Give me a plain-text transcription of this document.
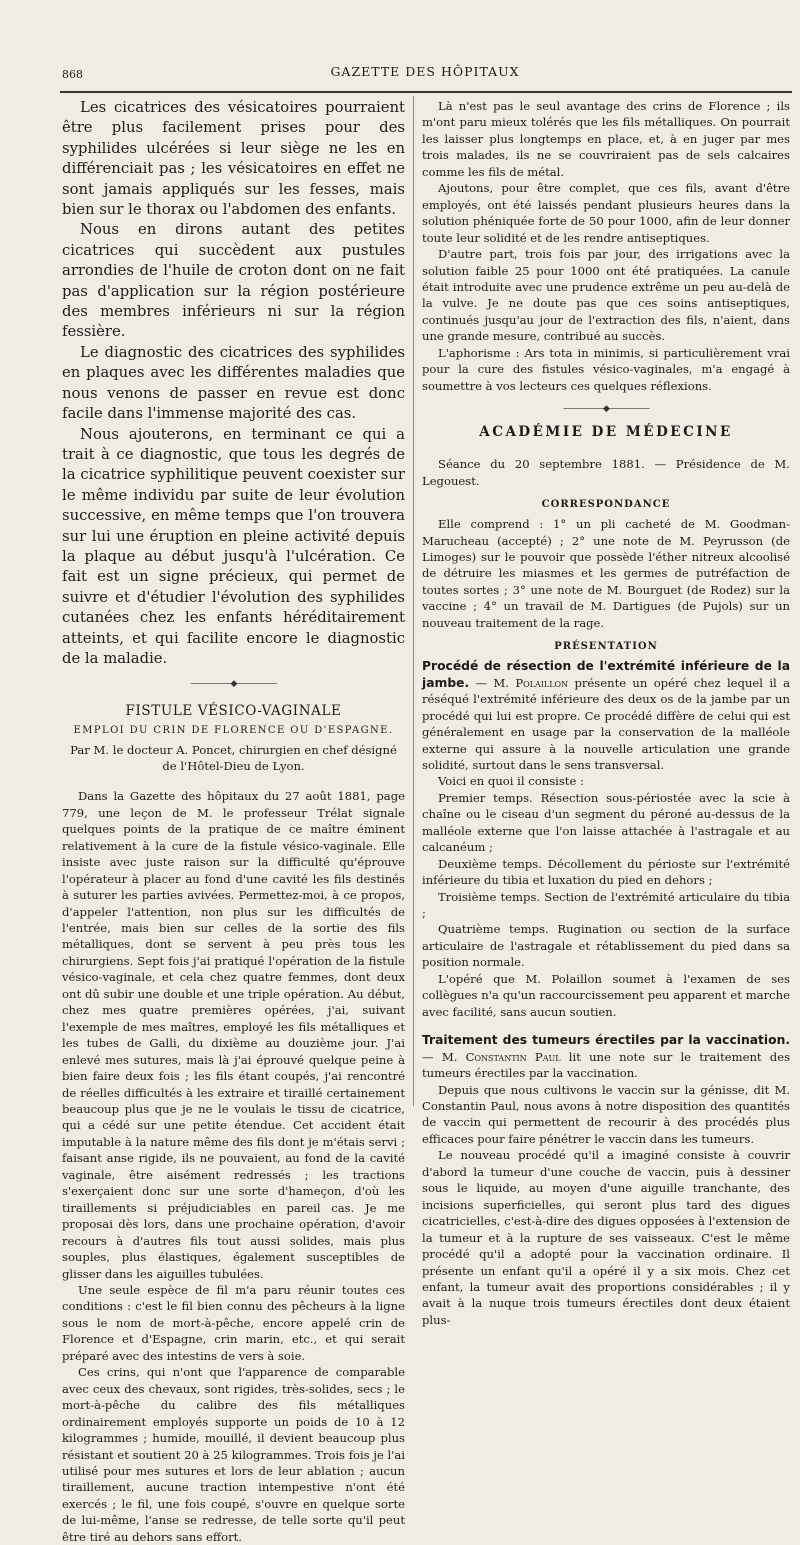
868	GAZETTE DES HÔPITAUX

Les cicatrices des vésicatoires pourraient être plus facilement prises pour des syphilides ulcérées si leur siège ne les en différenciait pas ; les vésicatoires en effet ne sont jamais appliqués sur les fesses, mais bien sur le thorax ou l'abdomen des enfants.

Nous en dirons autant des petites cicatrices qui succèdent aux pustules arrondies de l'huile de croton dont on ne fait pas d'application sur la région postérieure des membres inférieurs ni sur la région fessière.

Le diagnostic des cicatrices des syphilides en plaques avec les différentes maladies que nous venons de passer en revue est donc facile dans l'immense majorité des cas.

Nous ajouterons, en terminant ce qui a trait à ce diagnostic, que tous les degrés de la cicatrice syphilitique peuvent coexister sur le même individu par suite de leur évolution successive, en même temps que l'on trouvera sur lui une éruption en pleine activité depuis la plaque au début jusqu'à l'ulcération. Ce fait est un signe précieux, qui permet de suivre et d'étudier l'évolution des syphilides cutanées chez les enfants héréditairement atteints, et qui facilite encore le diagnostic de la maladie.

—————◆—————
FISTULE VÉSICO-VAGINALE
EMPLOI DU CRIN DE FLORENCE OU D'ESPAGNE.
Par M. le docteur A. Poncet, chirurgien en chef désigné de l'Hôtel-Dieu de Lyon.

Dans la Gazette des hôpitaux du 27 août 1881, page 779, une leçon de M. le professeur Trélat signale quelques points de la pratique de ce maître éminent relativement à la cure de la fistule vésico-vaginale. Elle insiste avec juste raison sur la difficulté qu'éprouve l'opérateur à placer au fond d'une cavité les fils destinés à suturer les parties avivées. Permettez-moi, à ce propos, d'appeler l'attention, non plus sur les difficultés de l'entrée, mais bien sur celles de la sortie des fils métalliques, dont se servent à peu près tous les chirurgiens. Sept fois j'ai pratiqué l'opération de la fistule vésico-vaginale, et cela chez quatre femmes, dont deux ont dû subir une double et une triple opération. Au début, chez mes quatre premières opérées, j'ai, suivant l'exemple de mes maîtres, employé les fils métalliques et les tubes de Galli, du dixième au douzième jour. J'ai enlevé mes sutures, mais là j'ai éprouvé quelque peine à bien faire deux fois ; les fils étant coupés, j'ai rencontré de réelles difficultés à les extraire et tiraillé certainement beaucoup plus que je ne le voulais le tissu de cicatrice, qui a cédé sur une petite étendue. Cet accident était imputable à la nature même des fils dont je m'étais servi ; faisant anse rigide, ils ne pouvaient, au fond de la cavité vaginale, être aisément redressés ; les tractions s'exerçaient donc sur une sorte d'hameçon, d'où les tiraillements si préjudiciables en pareil cas. Je me proposai dès lors, dans une prochaine opération, d'avoir recours à d'autres fils tout aussi solides, mais plus souples, plus élastiques, également susceptibles de glisser dans les aiguilles tubulées.

Une seule espèce de fil m'a paru réunir toutes ces conditions : c'est le fil bien connu des pêcheurs à la ligne sous le nom de mort-à-pêche, encore appelé crin de Florence et d'Espagne, crin marin, etc., et qui serait préparé avec des intestins de vers à soie.

Ces crins, qui n'ont que l'apparence de comparable avec ceux des chevaux, sont rigides, très-solides, secs ; le mort-à-pêche du calibre des fils métalliques ordinairement employés supporte un poids de 10 à 12 kilogrammes ; humide, mouillé, il devient beaucoup plus résistant et soutient 20 à 25 kilogrammes. Trois fois je l'ai utilisé pour mes sutures et lors de leur ablation ; aucun tiraillement, aucune traction intempestive n'ont été exercés ; le fil, une fois coupé, s'ouvre en quelque sorte de lui-même, l'anse se redresse, de telle sorte qu'il peut être tiré au dehors sans effort.

Là n'est pas le seul avantage des crins de Florence ; ils m'ont paru mieux tolérés que les fils métalliques. On pourrait les laisser plus longtemps en place, et, à en juger par mes trois malades, ils ne se couvriraient pas de sels calcaires comme les fils de métal.

Ajoutons, pour être complet, que ces fils, avant d'être employés, ont été laissés pendant plusieurs heures dans la solution phéniquée forte de 50 pour 1000, afin de leur donner toute leur solidité et de les rendre antiseptiques.

D'autre part, trois fois par jour, des irrigations avec la solution faible 25 pour 1000 ont été pratiquées. La canule était introduite avec une prudence extrême un peu au-delà de la vulve. Je ne doute pas que ces soins antiseptiques, continués jusqu'au jour de l'extraction des fils, n'aient, dans une grande mesure, contribué au succès.

L'aphorisme : Ars tota in minimis, si particulièrement vrai pour la cure des fistules vésico-vaginales, m'a engagé à soumettre à vos lecteurs ces quelques réflexions.

—————◆—————
ACADÉMIE DE MÉDECINE

Séance du 20 septembre 1881. — Présidence de M. Legouest.

CORRESPONDANCE

Elle comprend : 1° un pli cacheté de M. Goodman-Marucheau (accepté) ; 2° une note de M. Peyrusson (de Limoges) sur le pouvoir que possède l'éther nitreux alcoolisé de détruire les miasmes et les germes de putréfaction de toutes sortes ; 3° une note de M. Bourguet (de Rodez) sur la vaccine ; 4° un travail de M. Dartigues (de Pujols) sur un nouveau traitement de la rage.

PRÉSENTATION

Procédé de résection de l'extrémité inférieure de la jambe. — M. Polaillon présente un opéré chez lequel il a réséqué l'extrémité inférieure des deux os de la jambe par un procédé qui lui est propre. Ce procédé diffère de celui qui est généralement en usage par la conservation de la malléole externe qui assure à la nouvelle articulation une grande solidité, surtout dans le sens transversal.

Voici en quoi il consiste :

Premier temps. Résection sous-périostée avec la scie à chaîne ou le ciseau d'un segment du péroné au-dessus de la malléole externe que l'on laisse attachée à l'astragale et au calcanéum ;

Deuxième temps. Décollement du périoste sur l'extrémité inférieure du tibia et luxation du pied en dehors ;

Troisième temps. Section de l'extrémité articulaire du tibia ;

Quatrième temps. Rugination ou section de la surface articulaire de l'astragale et rétablissement du pied dans sa position normale.

L'opéré que M. Polaillon soumet à l'examen de ses collègues n'a qu'un raccourcissement peu apparent et marche avec facilité, sans aucun soutien.

Traitement des tumeurs érectiles par la vaccination. — M. Constantin Paul lit une note sur le traitement des tumeurs érectiles par la vaccination.

Depuis que nous cultivons le vaccin sur la génisse, dit M. Constantin Paul, nous avons à notre disposition des quantités de vaccin qui permettent de recourir à des procédés plus efficaces pour faire pénétrer le vaccin dans les tumeurs.

Le nouveau procédé qu'il a imaginé consiste à couvrir d'abord la tumeur d'une couche de vaccin, puis à dessiner sous le liquide, au moyen d'une aiguille tranchante, des incisions superficielles, qui seront plus tard des digues cicatricielles, c'est-à-dire des digues opposées à l'extension de la tumeur et à la rupture de ses vaisseaux. C'est le même procédé qu'il a adopté pour la vaccination ordinaire. Il présente un enfant qu'il a opéré il y a six mois. Chez cet enfant, la tumeur avait des proportions considérables ; il y avait à la nuque trois tumeurs érectiles dont deux étaient plus-
